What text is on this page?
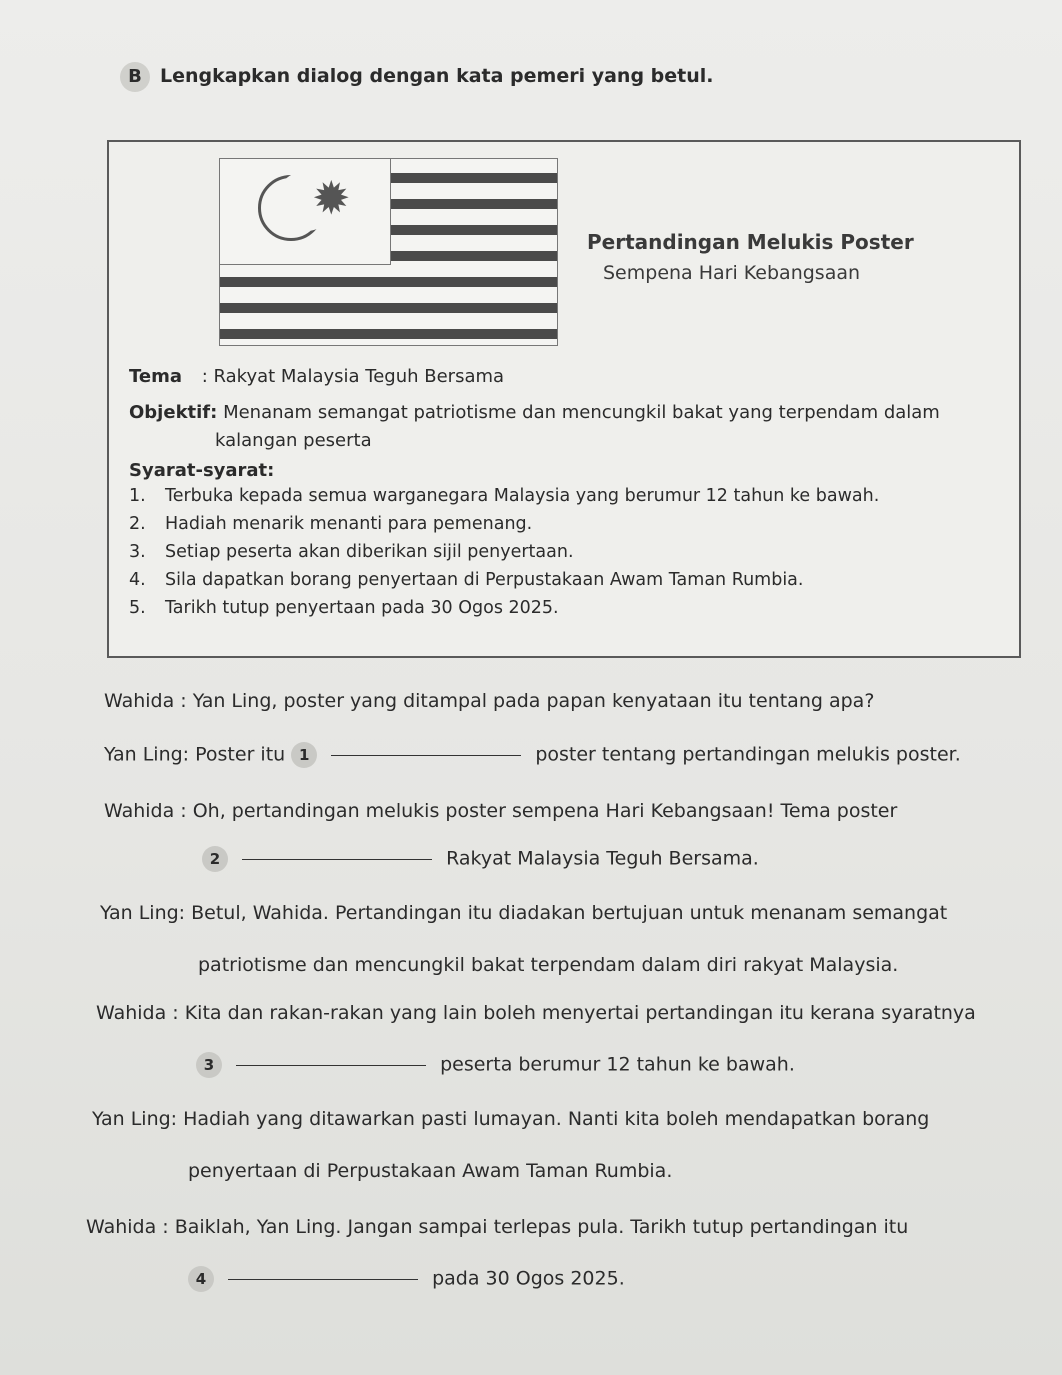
B Lengkapkan dialog dengan kata pemeri yang betul.
✹
Pertandingan Melukis Poster
Sempena Hari Kebangsaan
Tema : Rakyat Malaysia Teguh Bersama
Objektif: Menanam semangat patriotisme dan mencungkil bakat yang terpendam dalam
kalangan peserta
Syarat-syarat:
1. Terbuka kepada semua warganegara Malaysia yang berumur 12 tahun ke bawah.
2. Hadiah menarik menanti para pemenang.
3. Setiap peserta akan diberikan sijil penyertaan.
4. Sila dapatkan borang penyertaan di Perpustakaan Awam Taman Rumbia.
5. Tarikh tutup penyertaan pada 30 Ogos 2025.
Wahida : Yan Ling, poster yang ditampal pada papan kenyataan itu tentang apa?
Yan Ling: Poster itu 1	poster tentang pertandingan melukis poster.
Wahida : Oh, pertandingan melukis poster sempena Hari Kebangsaan! Tema poster
2	Rakyat Malaysia Teguh Bersama.
Yan Ling: Betul, Wahida. Pertandingan itu diadakan bertujuan untuk menanam semangat
patriotisme dan mencungkil bakat terpendam dalam diri rakyat Malaysia.
Wahida : Kita dan rakan-rakan yang lain boleh menyertai pertandingan itu kerana syaratnya
3	peserta berumur 12 tahun ke bawah.
Yan Ling: Hadiah yang ditawarkan pasti lumayan. Nanti kita boleh mendapatkan borang
penyertaan di Perpustakaan Awam Taman Rumbia.
Wahida : Baiklah, Yan Ling. Jangan sampai terlepas pula. Tarikh tutup pertandingan itu
4	pada 30 Ogos 2025.
